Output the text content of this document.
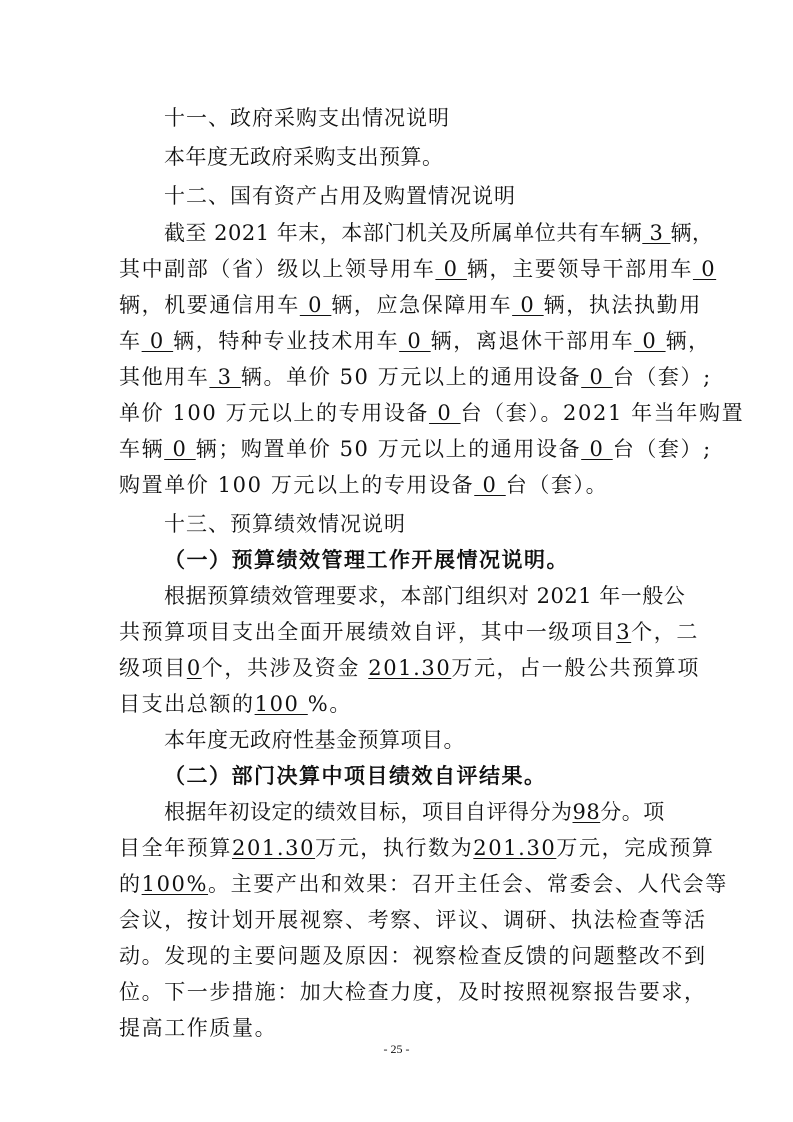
十一、政府采购支出情况说明
本年度无政府采购支出预算。
十二、国有资产占用及购置情况说明
截至 2021 年末，本部门机关及所属单位共有车辆 3 辆，
其中副部（省）级以上领导用车 0 辆，主要领导干部用车 0
辆，机要通信用车 0 辆，应急保障用车 0 辆，执法执勤用
车 0 辆，特种专业技术用车 0 辆，离退休干部用车 0 辆，
其他用车 3 辆。单价 50 万元以上的通用设备 0 台（套）;
单价 100 万元以上的专用设备 0 台（套）。2021 年当年购置
车辆 0 辆；购置单价 50 万元以上的通用设备 0 台（套）;
购置单价 100 万元以上的专用设备 0 台（套）。
十三、预算绩效情况说明
（一）预算绩效管理工作开展情况说明。
根据预算绩效管理要求，本部门组织对 2021 年一般公
共预算项目支出全面开展绩效自评，其中一级项目3个，二
级项目0个，共涉及资金 201.30万元，占一般公共预算项
目支出总额的100 %。
本年度无政府性基金预算项目。
（二）部门决算中项目绩效自评结果。
根据年初设定的绩效目标，项目自评得分为98分。项
目全年预算201.30万元，执行数为201.30万元，完成预算
的100%。主要产出和效果：召开主任会、常委会、人代会等
会议，按计划开展视察、考察、评议、调研、执法检查等活
动。发现的主要问题及原因：视察检查反馈的问题整改不到
位。下一步措施：加大检查力度，及时按照视察报告要求，
提高工作质量。
- 25 -
